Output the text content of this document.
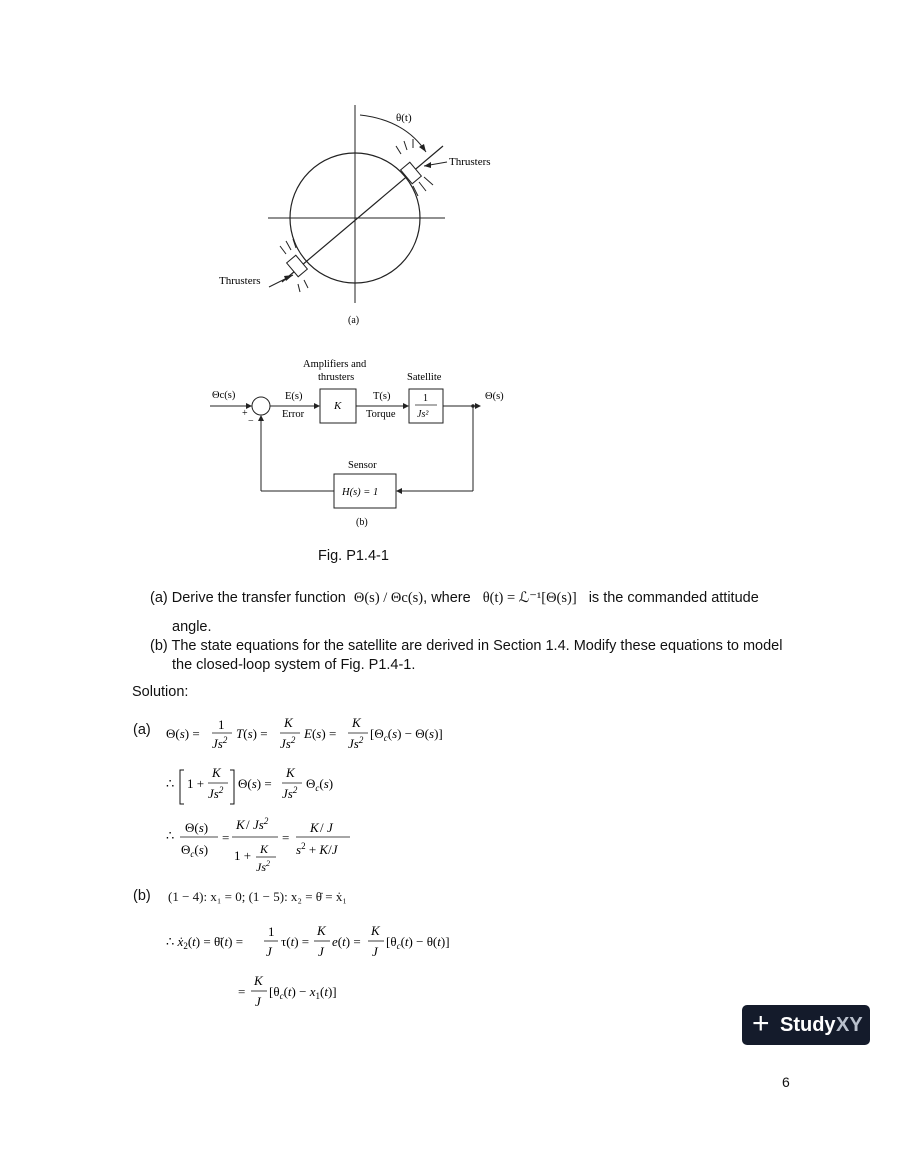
θ(t)
Thrusters
Thrusters
(a)
Θc(s)
+
−
E(s)
Error
Amplifiers and
thrusters
K
T(s)
Torque
Satellite
1
Js²
Θ(s)
Sensor
H(s) = 1
(b)
Fig. P1.4-1
(a) Derive the transfer function Θ(s) / Θc(s), where θ(t) = ℒ⁻¹[Θ(s)] is the commanded attitude
angle.
(b) The state equations for the satellite are derived in Section 1.4. Modify these equations to model
the closed-loop system of Fig. P1.4-1.
Solution:
(a) Θ(s) =
1
Js$^2$ T(s) =
K
Js$^2$ E(s) =
K
Js$^2$ $[\Theta_c(s) - \Theta(s)]$
∴ 1 +
K
Js$^2$ Θ(s) =
K
Js$^2$ $\Theta_c(s)$
∴
Θ(s)
$\Theta_c(s)$
=
K / Js$^2$
1 + K
$Js^2$
=
K / J
$s^2 + K/J$
(b) (1 − 4): x₁ = 0; (1 − 5): x₂ = θ̇ = ẋ₁
∴ ẋ$_2$(t) = θ̈(t) =
1
J
τ(t) =
K
J
e(t) =
K
J
$[\theta_c(t) - \theta(t)]$
=
K
J
$[\theta_c(t) - x_1(t)]$
+ Study XY
6
